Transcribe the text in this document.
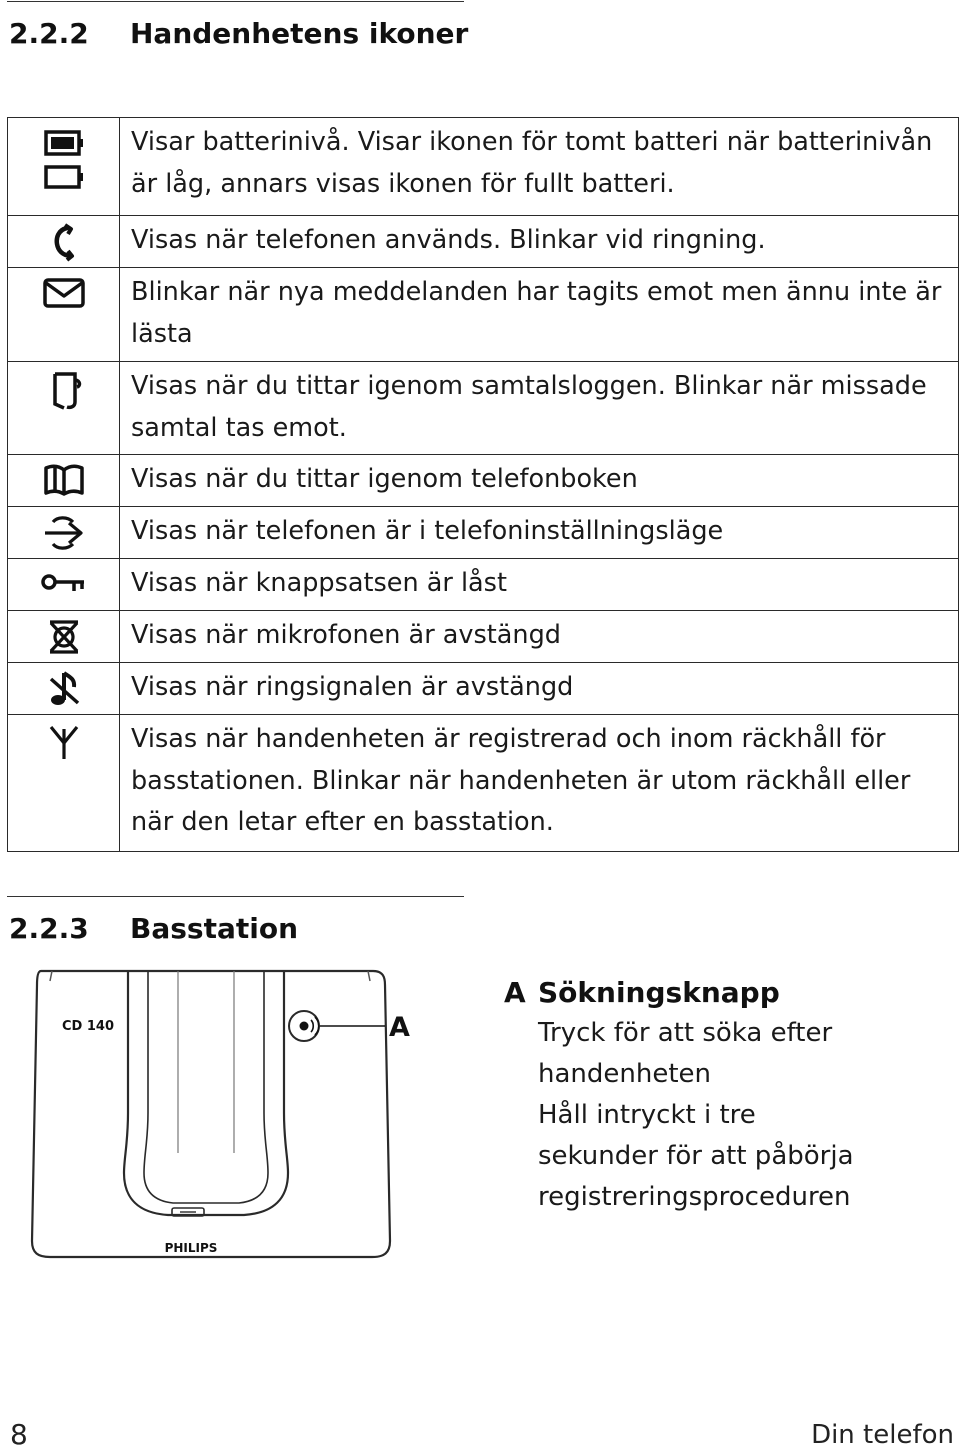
2.2.2 Handenhetens ikoner
	Visar batterinivå. Visar ikonen för tomt batteri när batterinivån är låg, annars visas ikonen för fullt batteri.

	Visas när telefonen används. Blinkar vid ringning.

	Blinkar när nya meddelanden har tagits emot men ännu inte är lästa

	Visas när du tittar igenom samtalsloggen. Blinkar när missade samtal tas emot.

	Visas när du tittar igenom telefonboken

	Visas när telefonen är i telefoninställningsläge

	Visas när knappsatsen är låst

	Visas när mikrofonen är avstängd

	Visas när ringsignalen är avstängd

	Visas när handenheten är registrerad och inom räckhåll för basstationen. Blinkar när handenheten är utom räckhåll eller när den letar efter en basstation.
2.2.3 Basstation
CD 140
PHILIPS
A
A Sökningsknapp
Tryck för att söka efter
handenheten
Håll intryckt i tre
sekunder för att påbörja
registreringsproceduren
8	Din telefon
